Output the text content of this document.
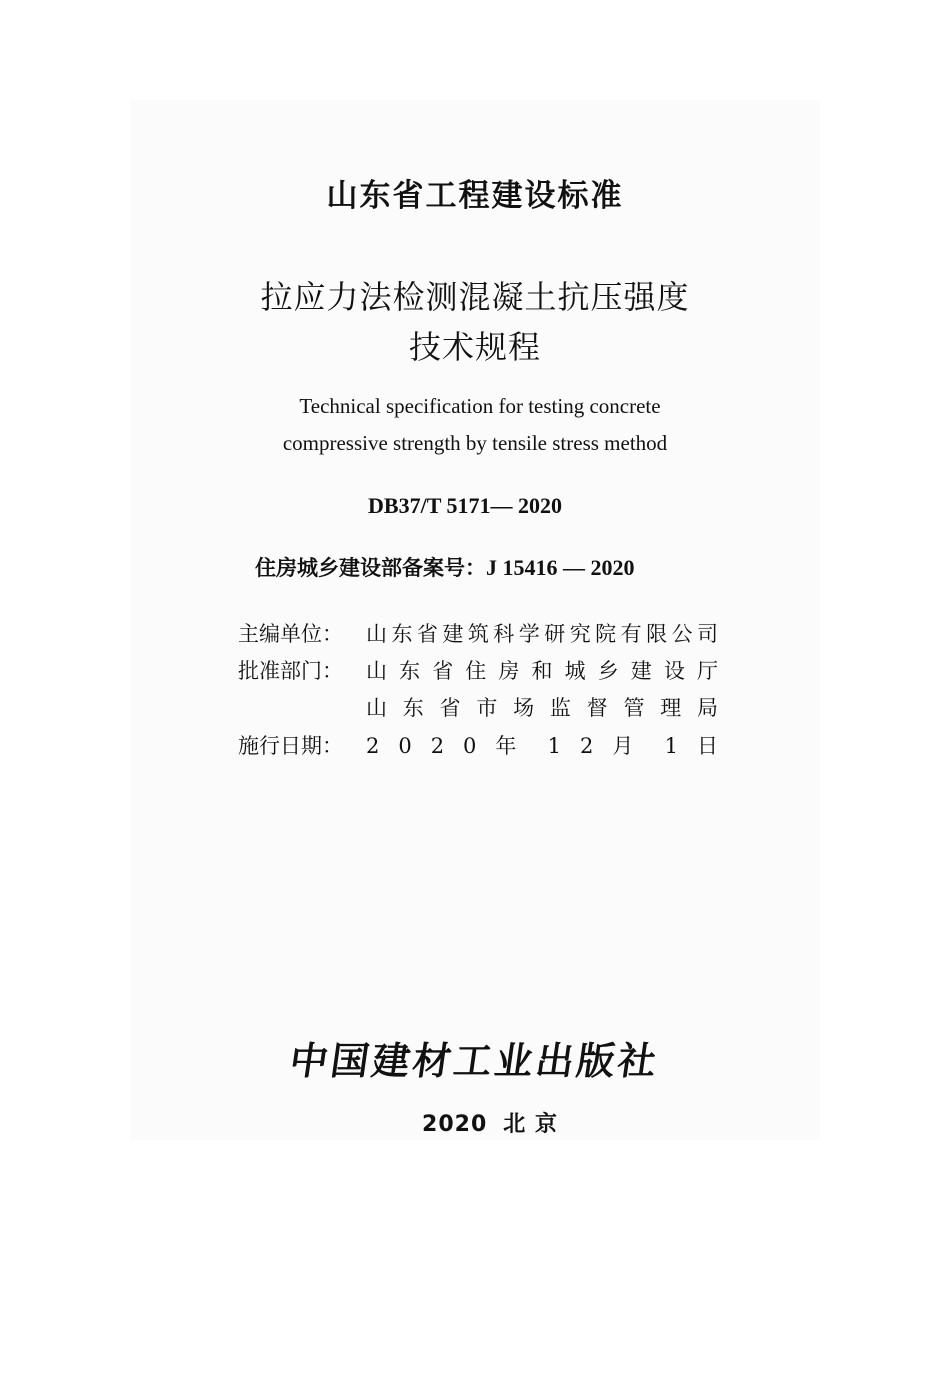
山东省工程建设标准
拉应力法检测混凝土抗压强度
技术规程
Technical specification for testing concrete
compressive strength by tensile stress method
DB37/T 5171— 2020
住房城乡建设部备案号：J 15416 — 2020
主编单位： 山东省建筑科学研究院有限公司
批准部门： 山 东 省 住 房 和 城 乡 建 设 厅
山 东 省 市 场 监 督 管 理 局
施行日期： 2 0 2 0 年 1 2 月 1 日
中国建材工业出版社
2020 北 京
